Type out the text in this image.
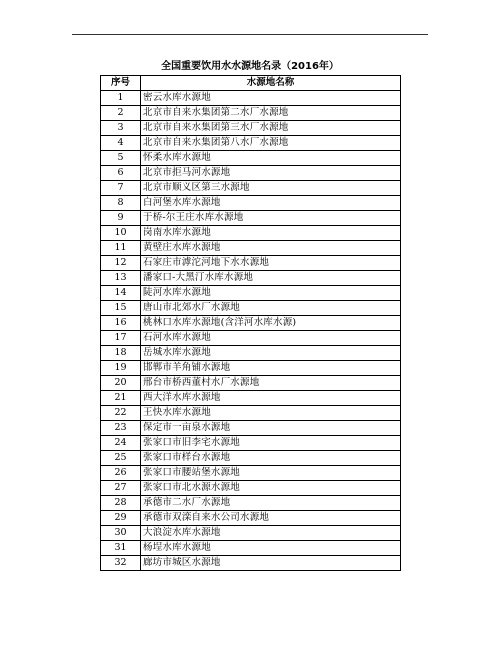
全国重要饮用水水源地名录（2016年）
序号	水源地名称
1	密云水库水源地
2	北京市自来水集团第二水厂水源地
3	北京市自来水集团第三水厂水源地
4	北京市自来水集团第八水厂水源地
5	怀柔水库水源地
6	北京市拒马河水源地
7	北京市顺义区第三水源地
8	白河堡水库水源地
9	于桥-尔王庄水库水源地
10	岗南水库水源地
11	黄壁庄水库水源地
12	石家庄市滹沱河地下水水源地
13	潘家口-大黑汀水库水源地
14	陡河水库水源地
15	唐山市北郊水厂水源地
16	桃林口水库水源地(含洋河水库水源)
17	石河水库水源地
18	岳城水库水源地
19	邯郸市羊角铺水源地
20	邢台市桥西董村水厂水源地
21	西大洋水库水源地
22	王快水库水源地
23	保定市一亩泉水源地
24	张家口市旧李宅水源地
25	张家口市样台水源地
26	张家口市腰站堡水源地
27	张家口市北水源水源地
28	承德市二水厂水源地
29	承德市双滦自来水公司水源地
30	大浪淀水库水源地
31	杨埕水库水源地
32	廊坊市城区水源地
